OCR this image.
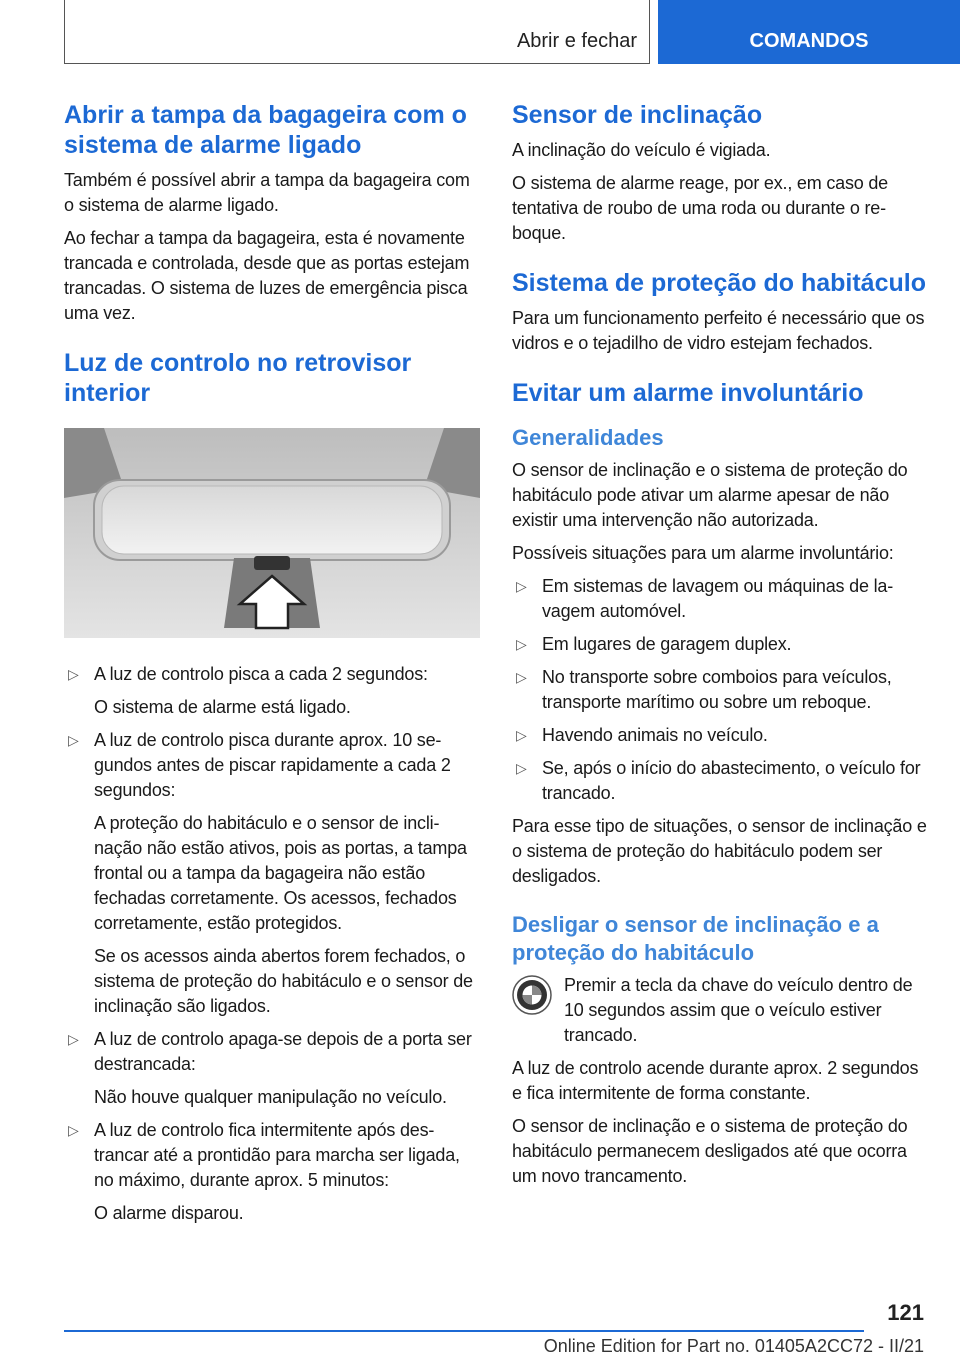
Abrir e fechar	COMANDOS
Abrir a tampa da bagageira com o sistema de alarme ligado

Também é possível abrir a tampa da bagageira com o sistema de alarme ligado.

Ao fechar a tampa da bagageira, esta é novamente trancada e controlada, desde que as portas estejam trancadas. O sistema de luzes de emergência pisca uma vez.

Luz de controlo no retrovisor interior
▷ A luz de controlo pisca a cada 2 segundos:

O sistema de alarme está ligado.

▷ A luz de controlo pisca durante aprox. 10 segundos antes de piscar rapidamente a cada 2 segundos:

A proteção do habitáculo e o sensor de inclinação não estão ativos, pois as portas, a tampa frontal ou a tampa da bagageira não estão fechadas corretamente. Os acessos, fechados corretamente, estão protegidos.

Se os acessos ainda abertos forem fechados, o sistema de proteção do habitáculo e o sensor de inclinação são ligados.

▷ A luz de controlo apaga-se depois de a porta ser destrancada:

Não houve qualquer manipulação no veículo.

▷ A luz de controlo fica intermitente após destrancar até a prontidão para marcha ser ligada, no máximo, durante aprox. 5 minutos:

O alarme disparou.

Sensor de inclinação

A inclinação do veículo é vigiada.

O sistema de alarme reage, por ex., em caso de tentativa de roubo de uma roda ou durante o reboque.

Sistema de proteção do habitáculo

Para um funcionamento perfeito é necessário que os vidros e o tejadilho de vidro estejam fechados.

Evitar um alarme involuntário
Generalidades

O sensor de inclinação e o sistema de proteção do habitáculo pode ativar um alarme apesar de não existir uma intervenção não autorizada.

Possíveis situações para um alarme involuntário:

▷ Em sistemas de lavagem ou máquinas de lavagem automóvel.
▷ Em lugares de garagem duplex.
▷ No transporte sobre comboios para veículos, transporte marítimo ou sobre um reboque.
▷ Havendo animais no veículo.
▷ Se, após o início do abastecimento, o veículo for trancado.

Para esse tipo de situações, o sensor de inclinação e o sistema de proteção do habitáculo podem ser desligados.

Desligar o sensor de inclinação e a proteção do habitáculo

Premir a tecla da chave do veículo dentro de 10 segundos assim que o veículo estiver trancado.

A luz de controlo acende durante aprox. 2 segundos e fica intermitente de forma constante.

O sensor de inclinação e o sistema de proteção do habitáculo permanecem desligados até que ocorra um novo trancamento.

121
Online Edition for Part no. 01405A2CC72 - II/21
